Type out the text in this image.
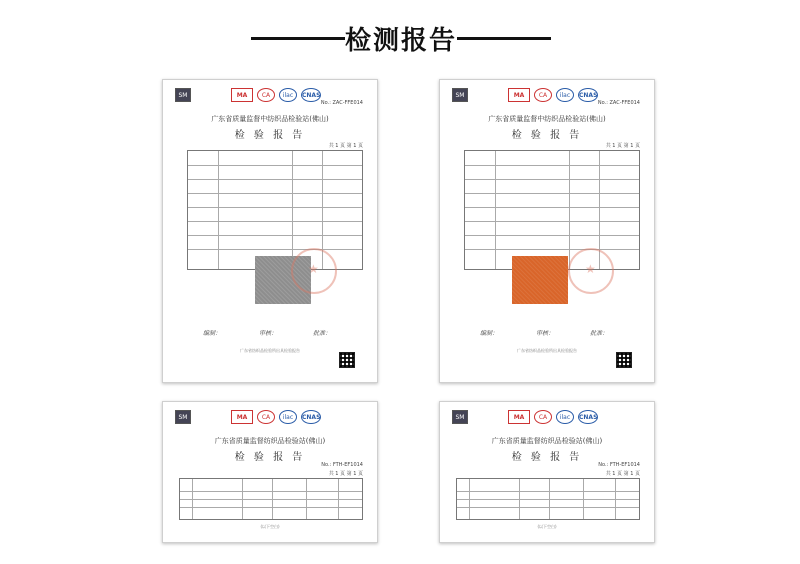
检测报告
SM	MA	CA	ilac	CNAS
No.: ZAC-FFE014
广东省质量监督中纺织品检验站(佛山)
检 验 报 告
共 1 页 第 1 页
★
编制：	审核：	批准：
广东省纺织品检验所出具检验报告
SM	MA	CA	ilac	CNAS
No.: ZAC-FFE014
广东省质量监督中纺织品检验站(佛山)
检 验 报 告
共 1 页 第 1 页
★
编制：	审核：	批准：
广东省纺织品检验所出具检验报告
SM	MA	CA	ilac	CNAS
广东省质量监督纺织品检验站(佛山)
检 验 报 告
No.: FTH-EF1014
共 1 页 第 1 页
(以下空白)
SM	MA	CA	ilac	CNAS
广东省质量监督纺织品检验站(佛山)
检 验 报 告
No.: FTH-EF1014
共 1 页 第 1 页
(以下空白)
